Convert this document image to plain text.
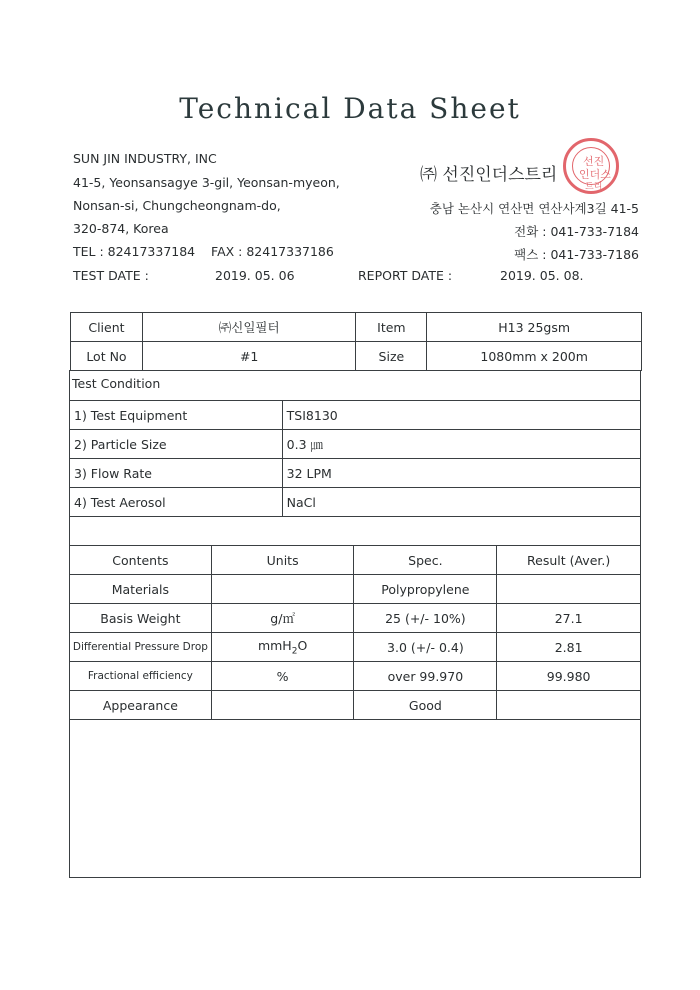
Technical Data Sheet
SUN JIN INDUSTRY, INC
41-5, Yeonsansagye 3-gil, Yeonsan-myeon,
Nonsan-si, Chungcheongnam-do,
320-874, Korea
TEL : 82417337184    FAX : 82417337186
㈜ 선진인더스트리
충남 논산시 연산면 연산사계3길 41-5
전화 : 041-733-7184
팩스 : 041-733-7186
선진
인더스
트리
TEST DATE :	2019. 05. 06	REPORT DATE :	2019. 05. 08.
Client	㈜신일필터	Item	H13 25gsm
Lot No	#1	Size	1080mm x 200m
Test Condition
1) Test Equipment	TSI8130
2) Particle Size	0.3 ㎛
3) Flow Rate	32 LPM
4) Test Aerosol	NaCl
Contents	Units	Spec.	Result (Aver.)
Materials		Polypropylene	
Basis Weight	g/㎡	25 (+/- 10%)	27.1
Differential Pressure Drop	mmH$_2$O	3.0 (+/- 0.4)	2.81
Fractional efficiency	%	over 99.970	99.980
Appearance		Good	
